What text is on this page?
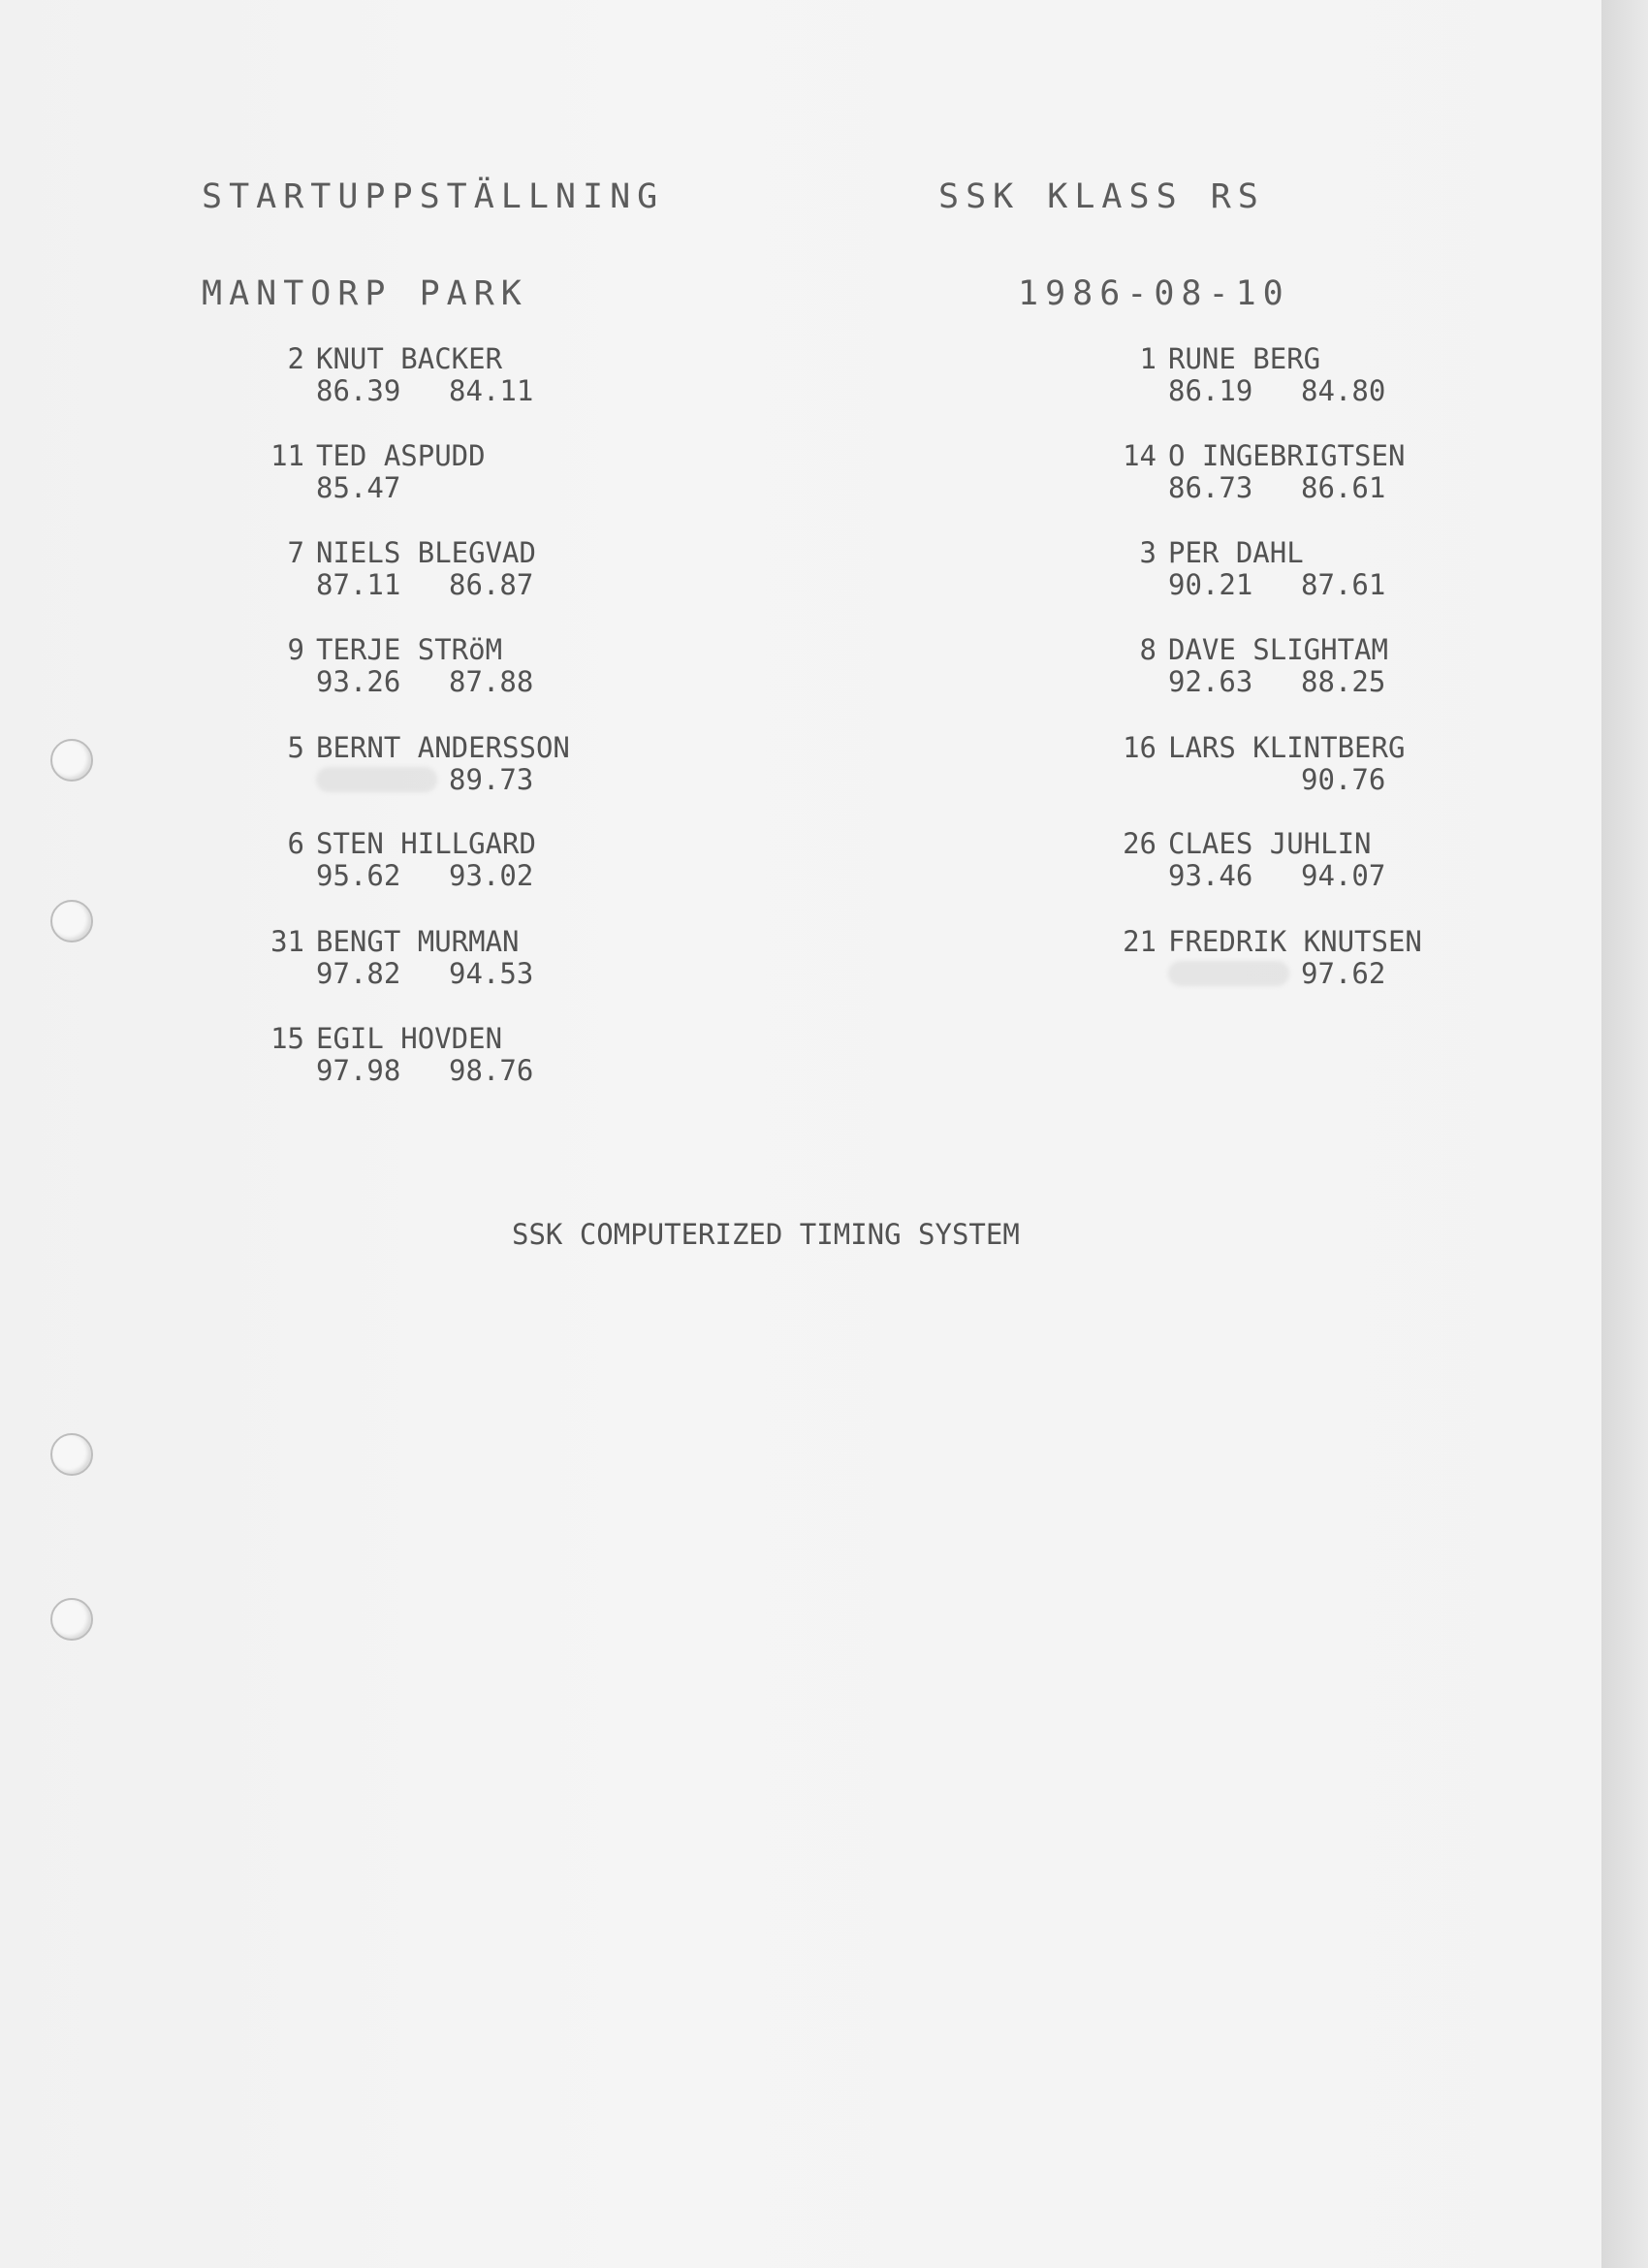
STARTUPPSTÄLLNING	SSK KLASS RS
MANTORP PARK	1986-08-10
2 KNUT BACKER
86.39 84.11
11 TED ASPUDD
85.47
7 NIELS BLEGVAD
87.11 86.87
9 TERJE STRöM
93.26 87.88
5 BERNT ANDERSSON
89.73
6 STEN HILLGARD
95.62 93.02
31 BENGT MURMAN
97.82 94.53
15 EGIL HOVDEN
97.98 98.76
1 RUNE BERG
86.19 84.80
14 O INGEBRIGTSEN
86.73 86.61
3 PER DAHL
90.21 87.61
8 DAVE SLIGHTAM
92.63 88.25
16 LARS KLINTBERG
90.76
26 CLAES JUHLIN
93.46 94.07
21 FREDRIK KNUTSEN
97.62
SSK COMPUTERIZED TIMING SYSTEM
